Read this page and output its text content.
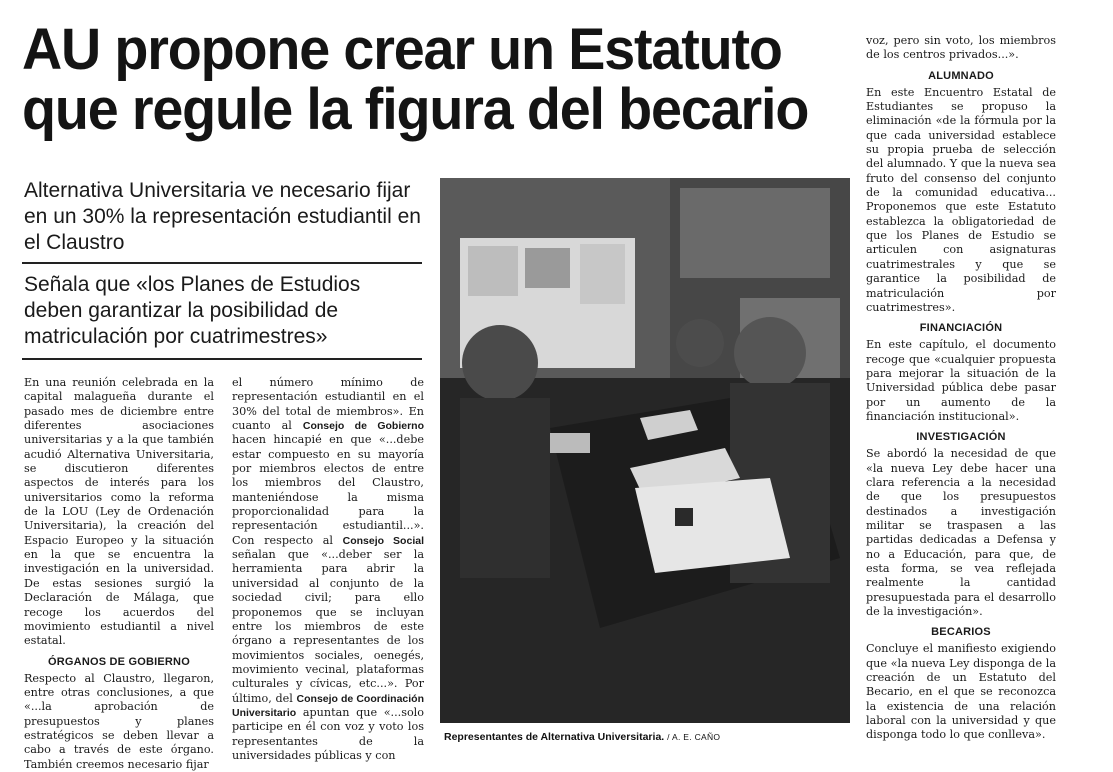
AU propone crear un Estatuto que regule la figura del becario
Alternativa Universitaria ve necesario fijar en un 30% la representación estudiantil en el Claustro
Señala que «los Planes de Estudios deben garantizar la posibilidad de matriculación por cuatrimestres»

En una reunión celebrada en la capital malagueña durante el pasado mes de diciembre entre diferentes asociaciones universitarias y a la que también acudió Alternativa Universitaria, se discutieron diferentes aspectos de interés para los universitarios como la reforma de la LOU (Ley de Ordenación Universitaria), la creación del Espacio Europeo y la situación en la que se encuentra la investigación en la universidad. De estas sesiones surgió la Declaración de Málaga, que recoge los acuerdos del movimiento estudiantil a nivel estatal.

ÓRGANOS DE GOBIERNO

Respecto al Claustro, llegaron, entre otras conclusiones, a que «...la aprobación de presupuestos y planes estratégicos se deben llevar a cabo a través de este órgano. También creemos necesario fijar

el número mínimo de representación estudiantil en el 30% del total de miembros». En cuanto al Consejo de Gobierno hacen hincapié en que «...debe estar compuesto en su mayoría por miembros electos de entre los miembros del Claustro, manteniéndose la misma proporcionalidad para la representación estudiantil...». Con respecto al Consejo Social señalan que «...deber ser la herramienta para abrir la universidad al conjunto de la sociedad civil; para ello proponemos que se incluyan entre los miembros de este órgano a representantes de los movimientos sociales, oenegés, movimiento vecinal, plataformas culturales y cívicas, etc...». Por último, del Consejo de Coordinación Universitario apuntan que «...solo participe en él con voz y voto los representantes de la universidades públicas y con

Representantes de Alternativa Universitaria. / A. E. CAÑO

voz, pero sin voto, los miembros de los centros privados...».

ALUMNADO

En este Encuentro Estatal de Estudiantes se propuso la eliminación «de la fórmula por la que cada universidad establece su propia prueba de selección del alumnado. Y que la nueva sea fruto del consenso del conjunto de la comunidad educativa... Proponemos que este Estatuto establezca la obligatoriedad de que los Planes de Estudio se articulen con asignaturas cuatrimestrales y que se garantice la posibilidad de matriculación por cuatrimestres».

FINANCIACIÓN

En este capítulo, el documento recoge que «cualquier propuesta para mejorar la situación de la Universidad pública debe pasar por un aumento de la financiación institucional».

INVESTIGACIÓN

Se abordó la necesidad de que «la nueva Ley debe hacer una clara referencia a la necesidad de que los presupuestos destinados a investigación militar se traspasen a las partidas dedicadas a Defensa y no a Educación, para que, de esta forma, se vea reflejada realmente la cantidad presupuestada para el desarrollo de la investigación».

BECARIOS

Concluye el manifiesto exigiendo que «la nueva Ley disponga de la creación de un Estatuto del Becario, en el que se reconozca la existencia de una relación laboral con la universidad y que disponga todo lo que conlleva».
